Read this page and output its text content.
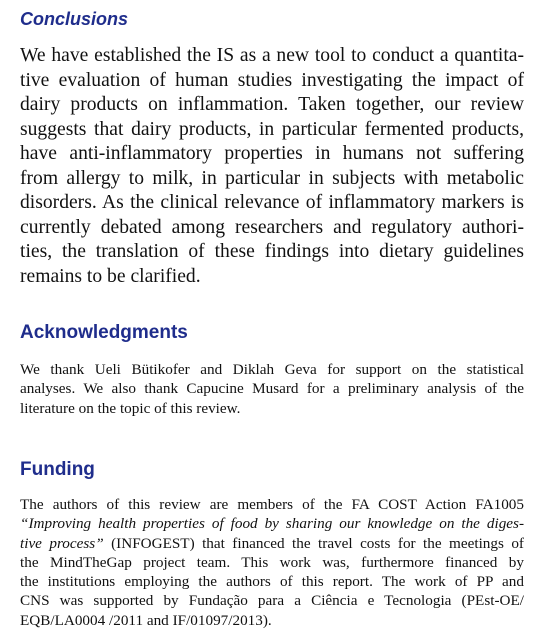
Conclusions
We have established the IS as a new tool to conduct a quantita-
tive evaluation of human studies investigating the impact of
dairy products on inflammation. Taken together, our review
suggests that dairy products, in particular fermented products,
have anti-inflammatory properties in humans not suffering
from allergy to milk, in particular in subjects with metabolic
disorders. As the clinical relevance of inflammatory markers is
currently debated among researchers and regulatory authori-
ties, the translation of these findings into dietary guidelines
remains to be clarified.
Acknowledgments
We thank Ueli Bütikofer and Diklah Geva for support on the statistical
analyses. We also thank Capucine Musard for a preliminary analysis of the
literature on the topic of this review.
Funding
The authors of this review are members of the FA COST Action FA1005
“Improving health properties of food by sharing our knowledge on the diges-
tive process” (INFOGEST) that financed the travel costs for the meetings of
the MindTheGap project team. This work was, furthermore financed by
the institutions employing the authors of this report. The work of PP and
CNS was supported by Fundação para a Ciência e Tecnologia (PEst-OE/
EQB/LA0004 /2011 and IF/01097/2013).
